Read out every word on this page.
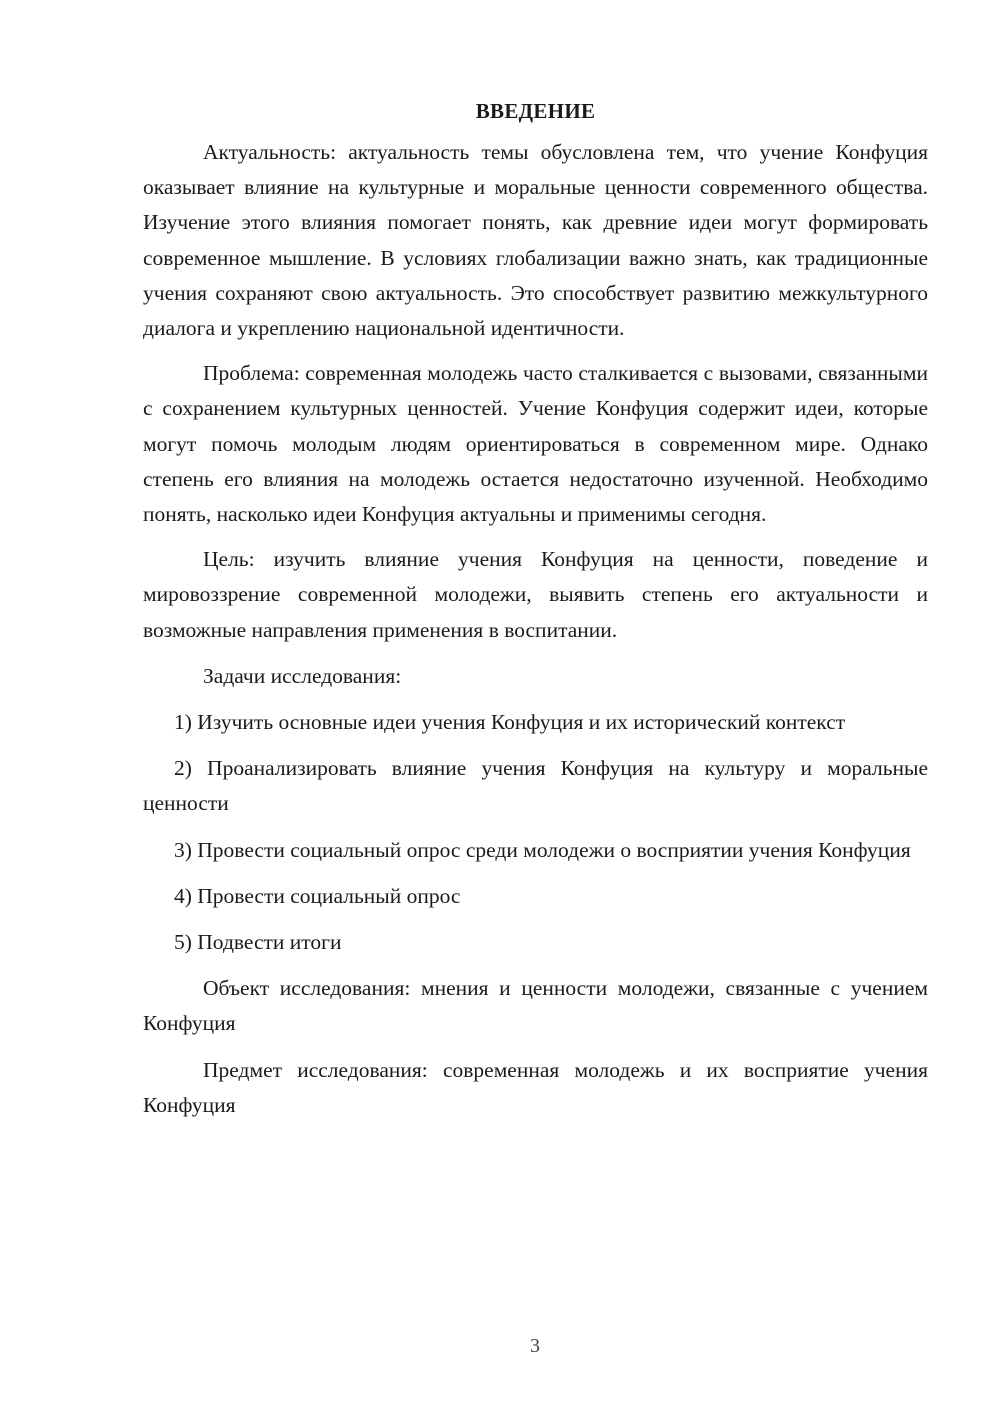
ВВЕДЕНИЕ

Актуальность: актуальность темы обусловлена тем, что учение Конфуция оказывает влияние на культурные и моральные ценности современного общества. Изучение этого влияния помогает понять, как древние идеи могут формировать современное мышление. В условиях глобализации важно знать, как традиционные учения сохраняют свою актуальность. Это способствует развитию межкультурного диалога и укреплению национальной идентичности.

Проблема: современная молодежь часто сталкивается с вызовами, связанными с сохранением культурных ценностей. Учение Конфуция содержит идеи, которые могут помочь молодым людям ориентироваться в современном мире. Однако степень его влияния на молодежь остается недостаточно изученной. Необходимо понять, насколько идеи Конфуция актуальны и применимы сегодня.

Цель: изучить влияние учения Конфуция на ценности, поведение и мировоззрение современной молодежи, выявить степень его актуальности и возможные направления применения в воспитании.

Задачи исследования:

1) Изучить основные идеи учения Конфуция и их исторический контекст

2) Проанализировать влияние учения Конфуция на культуру и моральные ценности

3) Провести социальный опрос среди молодежи о восприятии учения Конфуция

4) Провести социальный опрос

5) Подвести итоги

Объект исследования: мнения и ценности молодежи, связанные с учением Конфуция

Предмет исследования: современная молодежь и их восприятие учения Конфуция

3
